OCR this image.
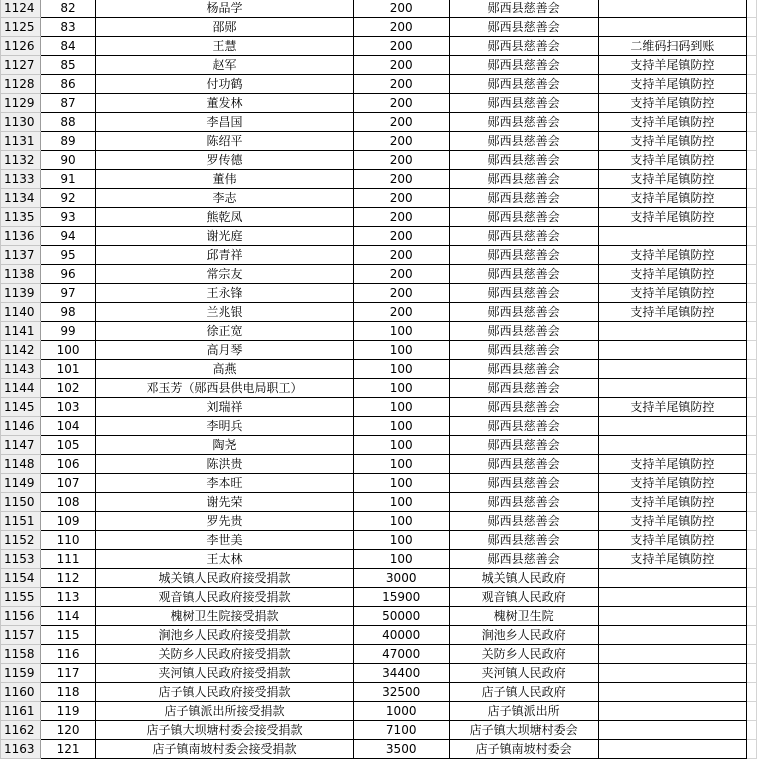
1124	82	杨品学	200	郧西县慈善会		
1125	83	邵郧	200	郧西县慈善会		
1126	84	王慧	200	郧西县慈善会	二维码扫码到账	
1127	85	赵军	200	郧西县慈善会	支持羊尾镇防控	
1128	86	付功鹤	200	郧西县慈善会	支持羊尾镇防控	
1129	87	董发林	200	郧西县慈善会	支持羊尾镇防控	
1130	88	李昌国	200	郧西县慈善会	支持羊尾镇防控	
1131	89	陈绍平	200	郧西县慈善会	支持羊尾镇防控	
1132	90	罗传德	200	郧西县慈善会	支持羊尾镇防控	
1133	91	董伟	200	郧西县慈善会	支持羊尾镇防控	
1134	92	李志	200	郧西县慈善会	支持羊尾镇防控	
1135	93	熊乾凤	200	郧西县慈善会	支持羊尾镇防控	
1136	94	谢光庭	200	郧西县慈善会		
1137	95	邱青祥	200	郧西县慈善会	支持羊尾镇防控	
1138	96	常宗友	200	郧西县慈善会	支持羊尾镇防控	
1139	97	王永锋	200	郧西县慈善会	支持羊尾镇防控	
1140	98	兰兆银	200	郧西县慈善会	支持羊尾镇防控	
1141	99	徐正宽	100	郧西县慈善会		
1142	100	高月琴	100	郧西县慈善会		
1143	101	高燕	100	郧西县慈善会		
1144	102	邓玉芳（郧西县供电局职工）	100	郧西县慈善会		
1145	103	刘瑞祥	100	郧西县慈善会	支持羊尾镇防控	
1146	104	李明兵	100	郧西县慈善会		
1147	105	陶尧	100	郧西县慈善会		
1148	106	陈洪贵	100	郧西县慈善会	支持羊尾镇防控	
1149	107	李本旺	100	郧西县慈善会	支持羊尾镇防控	
1150	108	谢先荣	100	郧西县慈善会	支持羊尾镇防控	
1151	109	罗先贵	100	郧西县慈善会	支持羊尾镇防控	
1152	110	李世美	100	郧西县慈善会	支持羊尾镇防控	
1153	111	王太林	100	郧西县慈善会	支持羊尾镇防控	
1154	112	城关镇人民政府接受捐款	3000	城关镇人民政府		
1155	113	观音镇人民政府接受捐款	15900	观音镇人民政府		
1156	114	槐树卫生院接受捐款	50000	槐树卫生院		
1157	115	涧池乡人民政府接受捐款	40000	涧池乡人民政府		
1158	116	关防乡人民政府接受捐款	47000	关防乡人民政府		
1159	117	夹河镇人民政府接受捐款	34400	夹河镇人民政府		
1160	118	店子镇人民政府接受捐款	32500	店子镇人民政府		
1161	119	店子镇派出所接受捐款	1000	店子镇派出所		
1162	120	店子镇大坝塘村委会接受捐款	7100	店子镇大坝塘村委会		
1163	121	店子镇南坡村委会接受捐款	3500	店子镇南坡村委会		
